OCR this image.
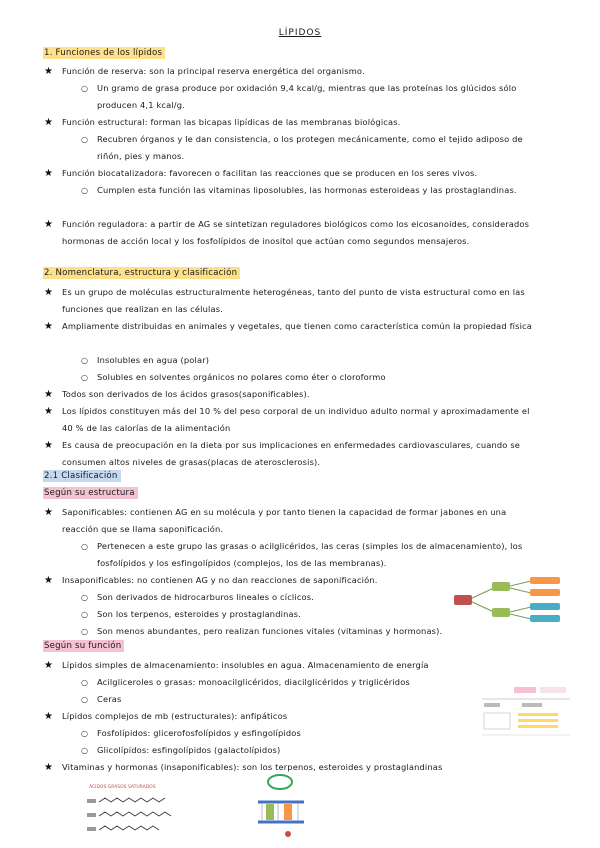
LÍPIDOS
1. Funciones de los lípidos
★ Función de reserva: son la principal reserva energética del organismo.
○ Un gramo de grasa produce por oxidación 9,4 kcal/g, mientras que las proteínas los glúcidos sólo producen 4,1 kcal/g.
★ Función estructural: forman las bicapas lipídicas de las membranas biológicas.
○ Recubren órganos y le dan consistencia, o los protegen mecánicamente, como el tejido adiposo de riñón, pies y manos.
★ Función biocatalizadora: favorecen o facilitan las reacciones que se producen en los seres vivos.
○ Cumplen esta función las vitaminas liposolubles, las hormonas esteroideas y las prostaglandinas.
★ Función reguladora: a partir de AG se sintetizan reguladores biológicos como los eicosanoides, considerados hormonas de acción local y los fosfolípidos de inositol que actúan como segundos mensajeros.
2. Nomenclatura, estructura y clasificación
★ Es un grupo de moléculas estructuralmente heterogéneas, tanto del punto de vista estructural como en las funciones que realizan en las células.
★ Ampliamente distribuidas en animales y vegetales, que tienen como característica común la propiedad física
○ Insolubles en agua (polar)
○ Solubles en solventes orgánicos no polares como éter o cloroformo
★ Todos son derivados de los ácidos grasos(saponificables).
★ Los lípidos constituyen más del 10 % del peso corporal de un individuo adulto normal y aproximadamente el 40 % de las calorías de la alimentación
★ Es causa de preocupación en la dieta por sus implicaciones en enfermedades cardiovasculares, cuando se consumen altos niveles de grasas(placas de aterosclerosis).
2.1 Clasificación
Según su estructura
★ Saponificables: contienen AG en su molécula y por tanto tienen la capacidad de formar jabones en una reacción que se llama saponificación.
○ Pertenecen a este grupo las grasas o acilglicéridos, las ceras (simples los de almacenamiento), los fosfolípidos y los esfingolípidos (complejos, los de las membranas).
★ Insaponificables: no contienen AG y no dan reacciones de saponificación.
○ Son derivados de hidrocarburos lineales o cíclicos.
○ Son los terpenos, esteroides y prostaglandinas.
○ Son menos abundantes, pero realizan funciones vitales (vitaminas y hormonas).
Según su función
★ Lípidos simples de almacenamiento: insolubles en agua. Almacenamiento de energía
○ Acilgliceroles o grasas: monoacilglicéridos, diacilglicéridos y triglicéridos
○ Ceras
★ Lípidos complejos de mb (estructurales): anfipáticos
○ Fosfolípidos: glicerofosfolípidos y esfingolípidos
○ Glicolípidos: esfingolípidos (galactolípidos)
★ Vitaminas y hormonas (insaponificables): son los terpenos, esteroides y prostaglandinas
ÁCIDOS GRASOS SATURADOS
